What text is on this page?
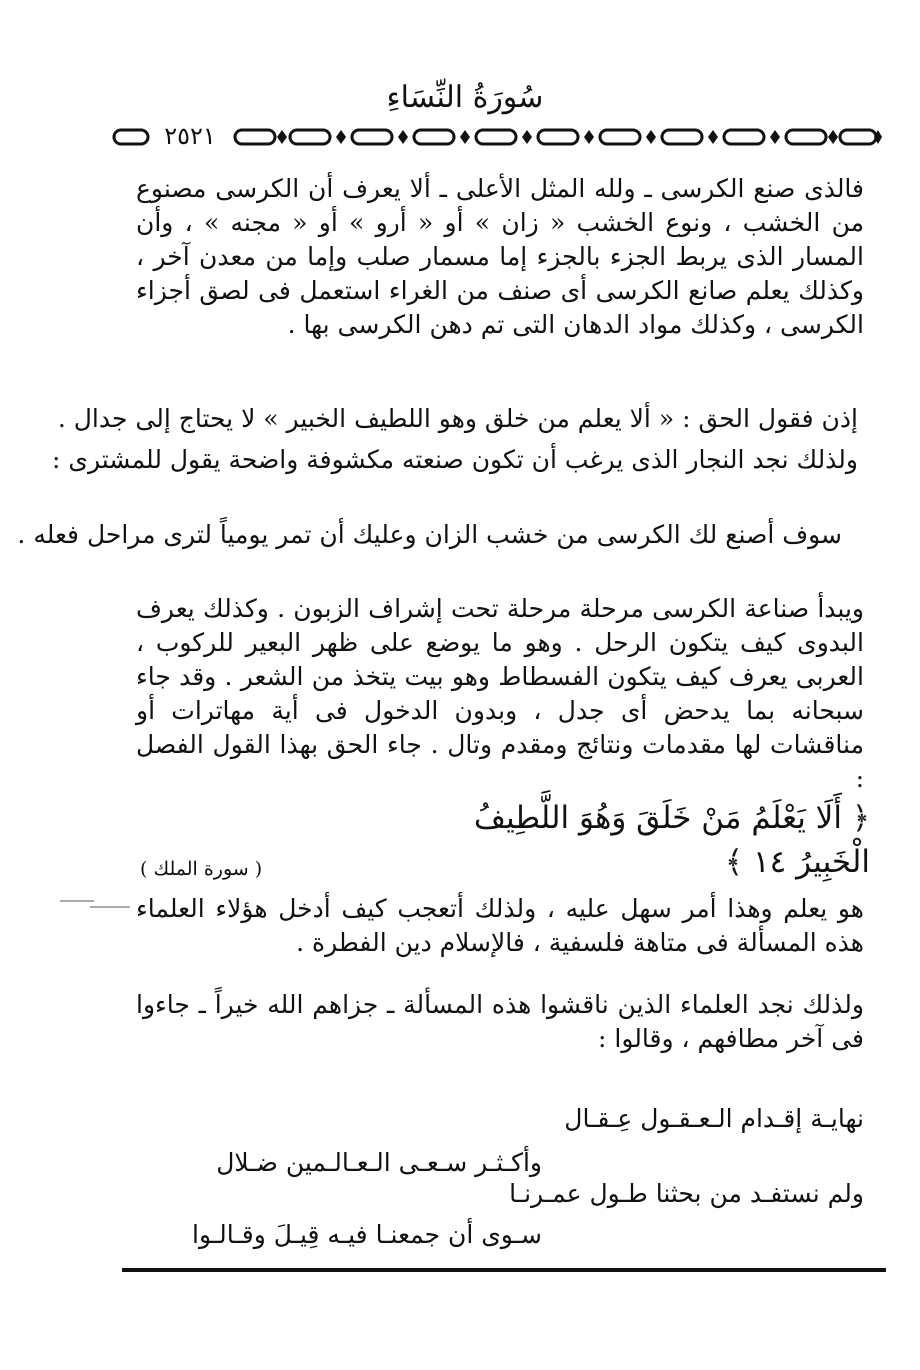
سُورَةُ النِّسَاءِ
٢٥٢١

فالذى صنع الكرسى ـ ولله المثل الأعلى ـ ألا يعرف أن الكرسى مصنوع من الخشب ، ونوع الخشب « زان » أو « أرو » أو « مجنه » ، وأن المسار الذى يربط الجزء بالجزء إما مسمار صلب وإما من معدن آخر ، وكذلك يعلم صانع الكرسى أى صنف من الغراء استعمل فى لصق أجزاء الكرسى ، وكذلك مواد الدهان التى تم دهن الكرسى بها .

إذن فقول الحق : « ألا يعلم من خلق وهو اللطيف الخبير » لا يحتاج إلى جدال .
ولذلك نجد النجار الذى يرغب أن تكون صنعته مكشوفة واضحة يقول للمشترى :
سوف أصنع لك الكرسى من خشب الزان وعليك أن تمر يومياً لترى مراحل فعله .

ويبدأ صناعة الكرسى مرحلة مرحلة تحت إشراف الزبون . وكذلك يعرف البدوى كيف يتكون الرحل . وهو ما يوضع على ظهر البعير للركوب ، العربى يعرف كيف يتكون الفسطاط وهو بيت يتخذ من الشعر . وقد جاء سبحانه بما يدحض أى جدل ، وبدون الدخول فى أية مهاترات أو مناقشات لها مقدمات ونتائج ومقدم وتال . جاء الحق بهذا القول الفصل :

﴿ أَلَا يَعْلَمُ مَنْ خَلَقَ وَهُوَ اللَّطِيفُ الْخَبِيرُ ١٤ ﴾
( سورة الملك )

هو يعلم وهذا أمر سهل عليه ، ولذلك أتعجب كيف أدخل هؤلاء العلماء هذه المسألة فى متاهة فلسفية ، فالإسلام دين الفطرة .

ولذلك نجد العلماء الذين ناقشوا هذه المسألة ـ جزاهم الله خيراً ـ جاءوا فى آخر مطافهم ، وقالوا :

نهايـة إقـدام الـعـقـول عِـقـال
وأكـثـر سـعـى الـعـالـمين ضـلال
ولم نستفـد من بحثنا طـول عمـرنـا
سـوى أن جمعنـا فيـه قِيـلَ وقـالـوا
